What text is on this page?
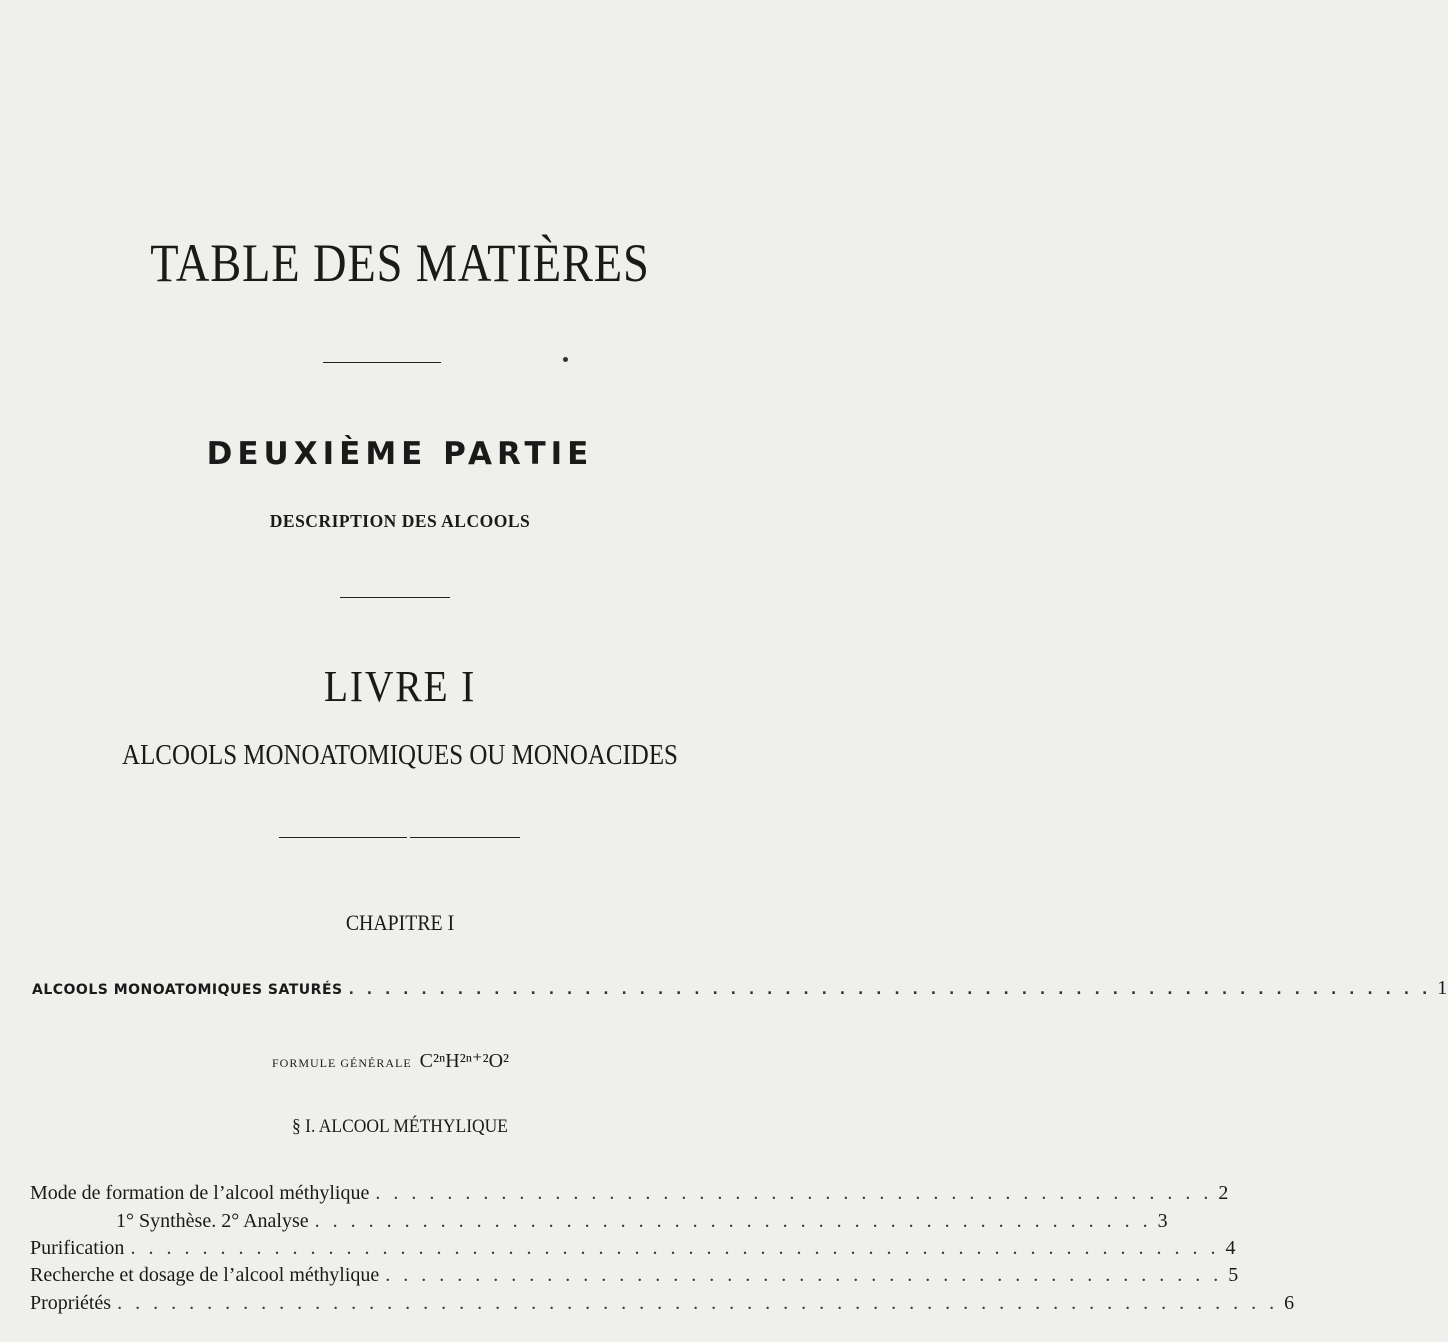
TABLE DES MATIÈRES
DEUXIÈME PARTIE
DESCRIPTION DES ALCOOLS
LIVRE I
ALCOOLS MONOATOMIQUES OU MONOACIDES
CHAPITRE I
ALCOOLS MONOATOMIQUES SATURÉS . . . . . . . . . . . . . . . . . . . . . . . . . . . . . . . . . . . . . . . . . . . . . . . . . . . . . . . . . . . . 1
FORMULE GÉNÉRALE C²ⁿH²ⁿ⁺²O²
§ I. ALCOOL MÉTHYLIQUE
Mode de formation de l’alcool méthylique . . . . . . . . . . . . . . . . . . . . . . . . . . . . . . . . . . . . . . . . . . . . . . . 2
1° Synthèse. 2° Analyse . . . . . . . . . . . . . . . . . . . . . . . . . . . . . . . . . . . . . . . . . . . . . . . 3
Purification . . . . . . . . . . . . . . . . . . . . . . . . . . . . . . . . . . . . . . . . . . . . . . . . . . . . . . . . . . . . . 4
Recherche et dosage de l’alcool méthylique . . . . . . . . . . . . . . . . . . . . . . . . . . . . . . . . . . . . . . . . . . . . . . . 5
Propriétés . . . . . . . . . . . . . . . . . . . . . . . . . . . . . . . . . . . . . . . . . . . . . . . . . . . . . . . . . . . . . . . . . 6
